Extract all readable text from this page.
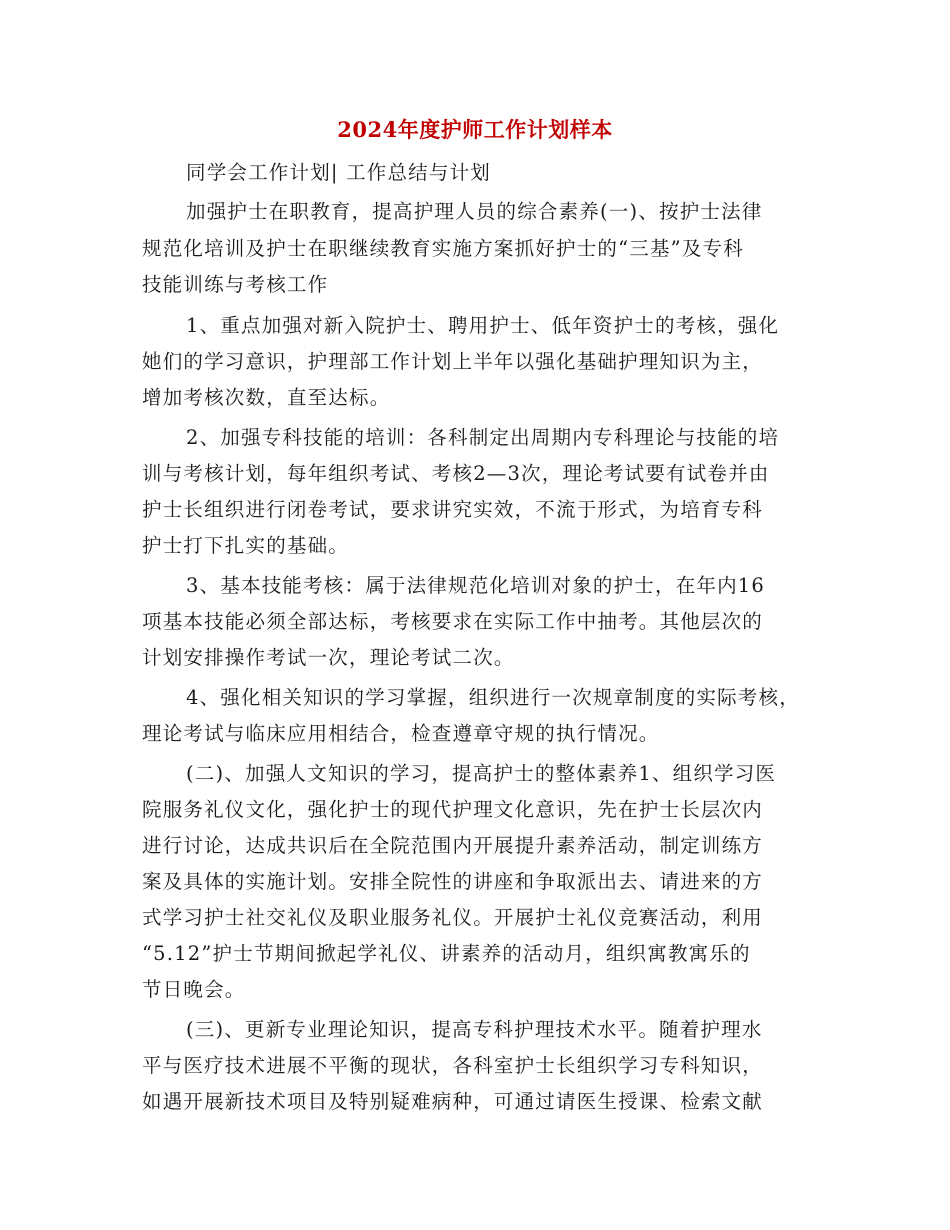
2024年度护师工作计划样本
同学会工作计划| 工作总结与计划
加强护士在职教育，提高护理人员的综合素养(一)、按护士法律
规范化培训及护士在职继续教育实施方案抓好护士的“三基”及专科
技能训练与考核工作
1、重点加强对新入院护士、聘用护士、低年资护士的考核，强化
她们的学习意识，护理部工作计划上半年以强化基础护理知识为主，
增加考核次数，直至达标。
2、加强专科技能的培训：各科制定出周期内专科理论与技能的培
训与考核计划，每年组织考试、考核2—3次，理论考试要有试卷并由
护士长组织进行闭卷考试，要求讲究实效，不流于形式，为培育专科
护士打下扎实的基础。
3、基本技能考核：属于法律规范化培训对象的护士，在年内16
项基本技能必须全部达标，考核要求在实际工作中抽考。其他层次的
计划安排操作考试一次，理论考试二次。
4、强化相关知识的学习掌握，组织进行一次规章制度的实际考核，
理论考试与临床应用相结合，检查遵章守规的执行情况。
(二)、加强人文知识的学习，提高护士的整体素养1、组织学习医
院服务礼仪文化，强化护士的现代护理文化意识，先在护士长层次内
进行讨论，达成共识后在全院范围内开展提升素养活动，制定训练方
案及具体的实施计划。安排全院性的讲座和争取派出去、请进来的方
式学习护士社交礼仪及职业服务礼仪。开展护士礼仪竞赛活动，利用
“5.12”护士节期间掀起学礼仪、讲素养的活动月，组织寓教寓乐的
节日晚会。
(三)、更新专业理论知识，提高专科护理技术水平。随着护理水
平与医疗技术进展不平衡的现状，各科室护士长组织学习专科知识，
如遇开展新技术项目及特别疑难病种，可通过请医生授课、检索文献
